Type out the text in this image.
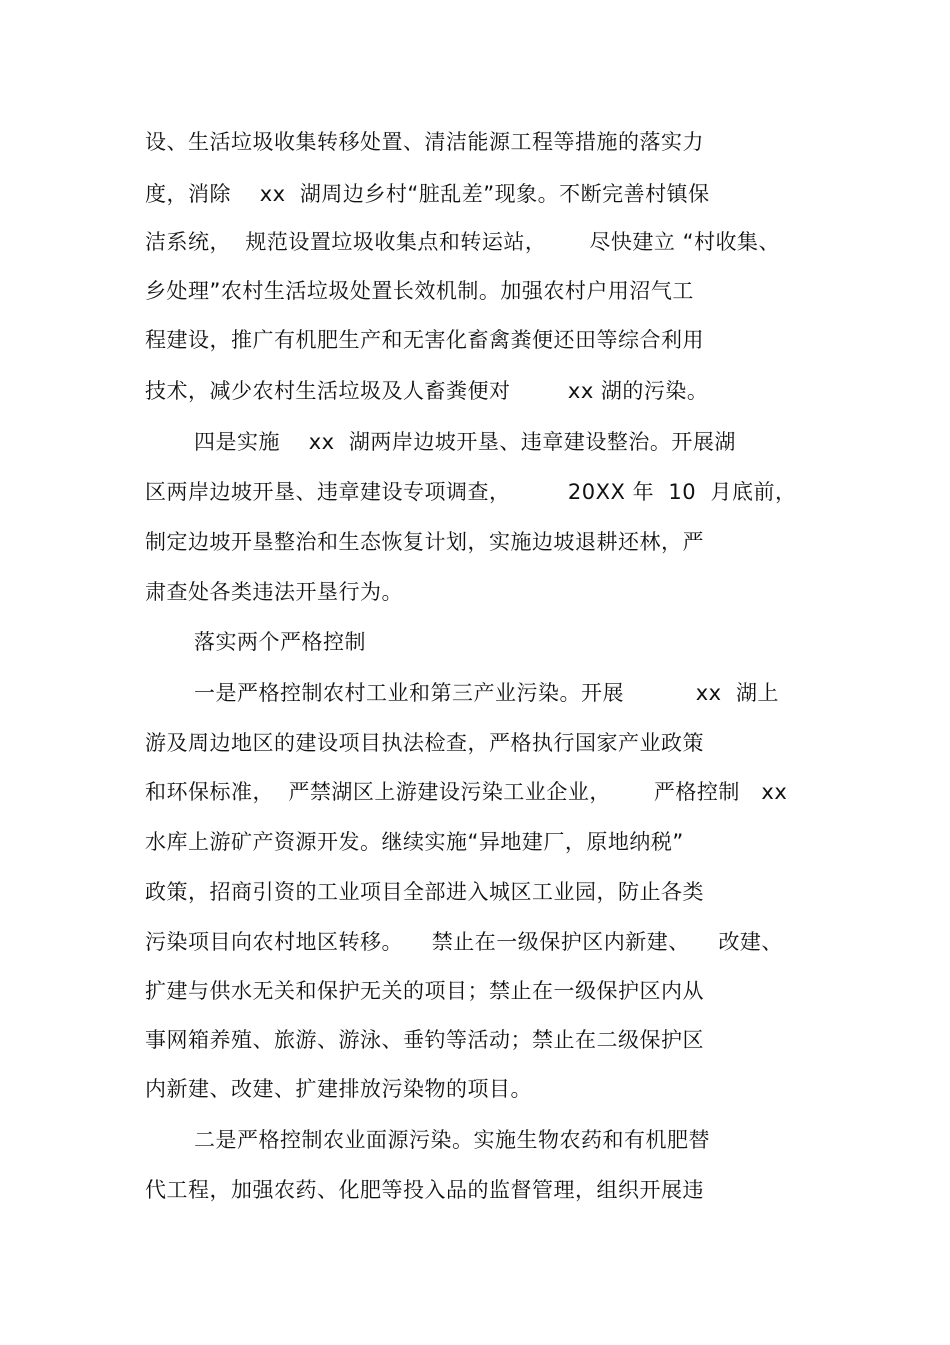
设、生活垃圾收集转移处置、清洁能源工程等措施的落实力
度，消除    xx  湖周边乡村“脏乱差”现象。不断完善村镇保
洁系统，  规范设置垃圾收集点和转运站，      尽快建立 “村收集、
乡处理”农村生活垃圾处置长效机制。加强农村户用沼气工
程建设，推广有机肥生产和无害化畜禽粪便还田等综合利用
技术，减少农村生活垃圾及人畜粪便对        xx 湖的污染。
四是实施    xx  湖两岸边坡开垦、违章建设整治。开展湖
区两岸边坡开垦、违章建设专项调查，        20XX 年  10  月底前，
制定边坡开垦整治和生态恢复计划，实施边坡退耕还林，严
肃查处各类违法开垦行为。
落实两个严格控制
一是严格控制农村工业和第三产业污染。开展          xx  湖上
游及周边地区的建设项目执法检查，严格执行国家产业政策
和环保标准，  严禁湖区上游建设污染工业企业，      严格控制   xx
水库上游矿产资源开发。继续实施“异地建厂，原地纳税”
政策，招商引资的工业项目全部进入城区工业园，防止各类
污染项目向农村地区转移。    禁止在一级保护区内新建、    改建、
扩建与供水无关和保护无关的项目；禁止在一级保护区内从
事网箱养殖、旅游、游泳、垂钓等活动；禁止在二级保护区
内新建、改建、扩建排放污染物的项目。
二是严格控制农业面源污染。实施生物农药和有机肥替
代工程，加强农药、化肥等投入品的监督管理，组织开展违
